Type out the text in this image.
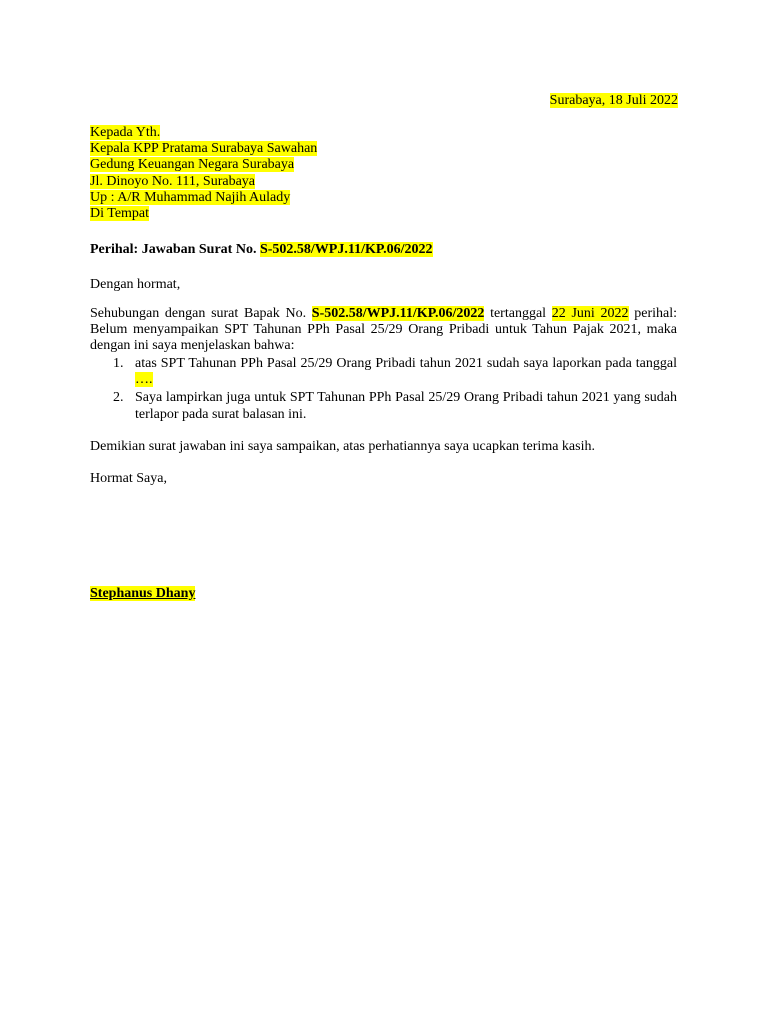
Surabaya, 18 Juli 2022
Kepada Yth.
Kepala KPP Pratama Surabaya Sawahan
Gedung Keuangan Negara Surabaya
Jl. Dinoyo No. 111, Surabaya
Up : A/R Muhammad Najih Aulady
Di Tempat
Perihal: Jawaban Surat No. S-502.58/WPJ.11/KP.06/2022
Dengan hormat,

Sehubungan dengan surat Bapak No. S-502.58/WPJ.11/KP.06/2022 tertanggal 22 Juni 2022 perihal: Belum menyampaikan SPT Tahunan PPh Pasal 25/29 Orang Pribadi untuk Tahun Pajak 2021, maka dengan ini saya menjelaskan bahwa:

1. atas SPT Tahunan PPh Pasal 25/29 Orang Pribadi tahun 2021 sudah saya laporkan pada tanggal ….
2. Saya lampirkan juga untuk SPT Tahunan PPh Pasal 25/29 Orang Pribadi tahun 2021 yang sudah terlapor pada surat balasan ini.
Demikian surat jawaban ini saya sampaikan, atas perhatiannya saya ucapkan terima kasih.
Hormat Saya,
Stephanus Dhany
